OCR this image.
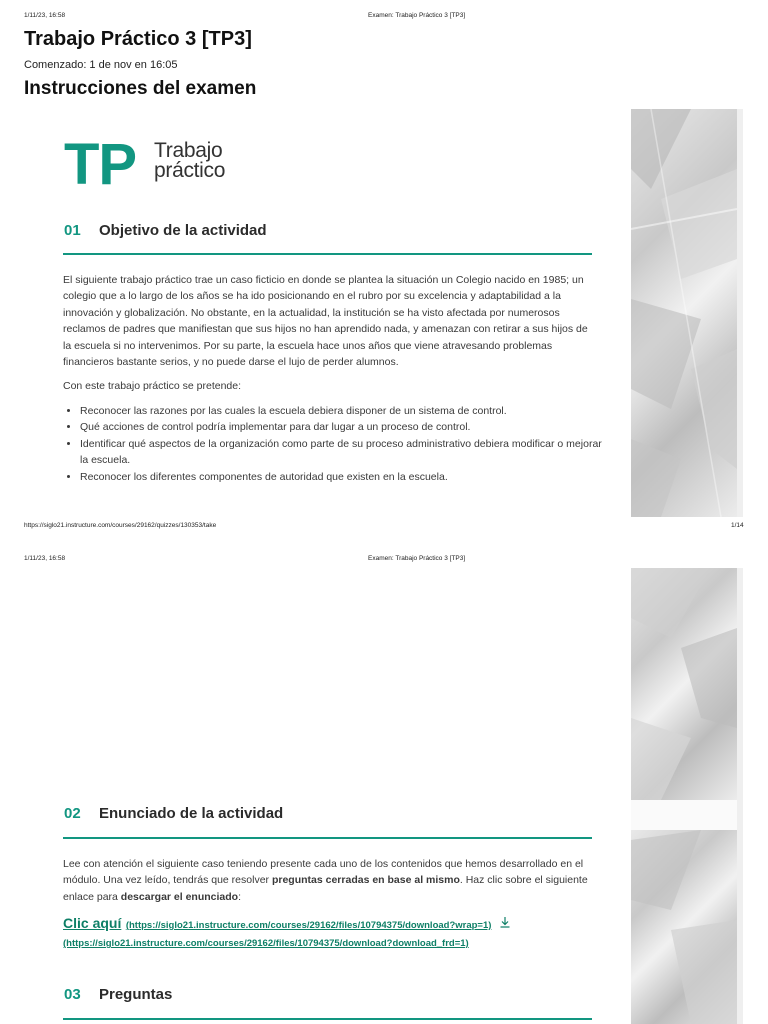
1/11/23, 16:58	Examen: Trabajo Práctico 3 [TP3]
Trabajo Práctico 3 [TP3]
Comenzado: 1 de nov en 16:05
Instrucciones del examen
TP Trabajo
práctico
01 Objetivo de la actividad
El siguiente trabajo práctico trae un caso ficticio en donde se plantea la situación un Colegio nacido en 1985; un colegio que a lo largo de los años se ha ido posicionando en el rubro por su excelencia y adaptabilidad a la innovación y globalización. No obstante, en la actualidad, la institución se ha visto afectada por numerosos reclamos de padres que manifiestan que sus hijos no han aprendido nada, y amenazan con retirar a sus hijos de la escuela si no intervenimos. Por su parte, la escuela hace unos años que viene atravesando problemas financieros bastante serios, y no puede darse el lujo de perder alumnos.
Con este trabajo práctico se pretende:
• Reconocer las razones por las cuales la escuela debiera disponer de un sistema de control.
• Qué acciones de control podría implementar para dar lugar a un proceso de control.
• Identificar qué aspectos de la organización como parte de su proceso administrativo debiera modificar o mejorar la escuela.
• Reconocer los diferentes componentes de autoridad que existen en la escuela.
https://siglo21.instructure.com/courses/29162/quizzes/130353/take	1/14
1/11/23, 16:58	Examen: Trabajo Práctico 3 [TP3]
02 Enunciado de la actividad
Lee con atención el siguiente caso teniendo presente cada uno de los contenidos que hemos desarrollado en el módulo. Una vez leído, tendrás que resolver preguntas cerradas en base al mismo. Haz clic sobre el siguiente enlace para descargar el enunciado:
Clic aquí (https://siglo21.instructure.com/courses/29162/files/10794375/download?wrap=1)
(https://siglo21.instructure.com/courses/29162/files/10794375/download?download_frd=1)
03 Preguntas
